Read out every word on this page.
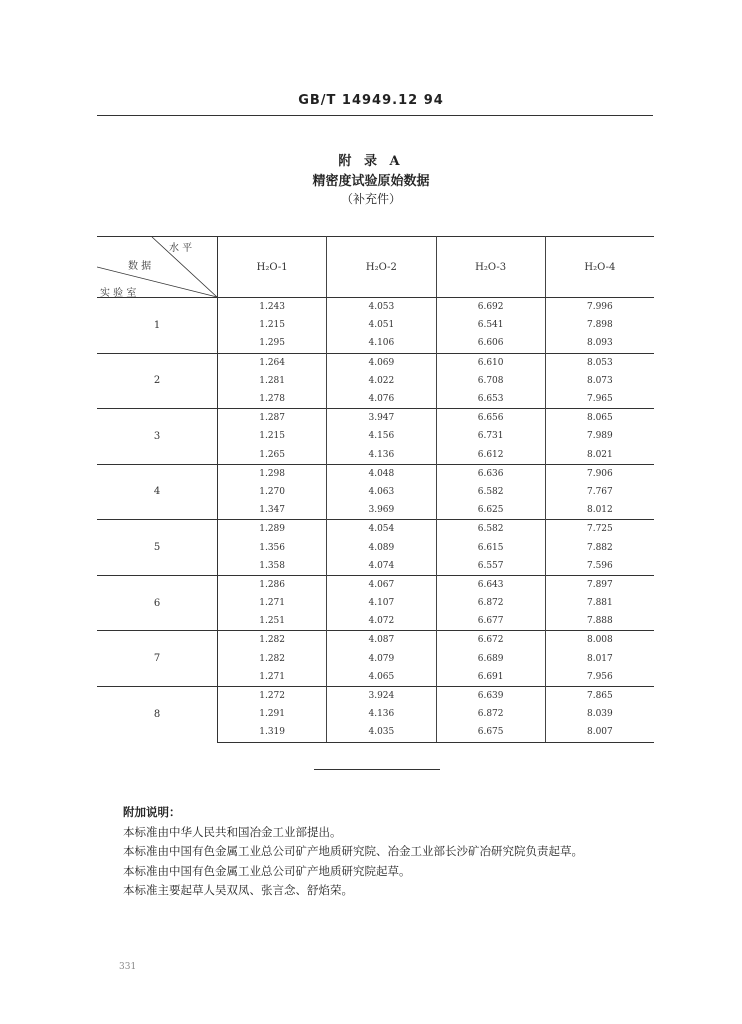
GB/T 14949.12 94
附 录 A
精密度试验原始数据
（补充件）
水 平
数 据
实 验 室	H₂O-1	H₂O-2	H₂O-3	H₂O-4
1	1.243	4.053	6.692	7.996
	1.215	4.051	6.541	7.898
	1.295	4.106	6.606	8.093
2	1.264	4.069	6.610	8.053
	1.281	4.022	6.708	8.073
	1.278	4.076	6.653	7.965
3	1.287	3.947	6.656	8.065
	1.215	4.156	6.731	7.989
	1.265	4.136	6.612	8.021
4	1.298	4.048	6.636	7.906
	1.270	4.063	6.582	7.767
	1.347	3.969	6.625	8.012
5	1.289	4.054	6.582	7.725
	1.356	4.089	6.615	7.882
	1.358	4.074	6.557	7.596
6	1.286	4.067	6.643	7.897
	1.271	4.107	6.872	7.881
	1.251	4.072	6.677	7.888
7	1.282	4.087	6.672	8.008
	1.282	4.079	6.689	8.017
	1.271	4.065	6.691	7.956
8	1.272	3.924	6.639	7.865
	1.291	4.136	6.872	8.039
	1.319	4.035	6.675	8.007
附加说明：
本标准由中华人民共和国冶金工业部提出。
本标准由中国有色金属工业总公司矿产地质研究院、冶金工业部长沙矿冶研究院负责起草。
本标准由中国有色金属工业总公司矿产地质研究院起草。
本标准主要起草人吴双凤、张言念、舒焰荣。
331
